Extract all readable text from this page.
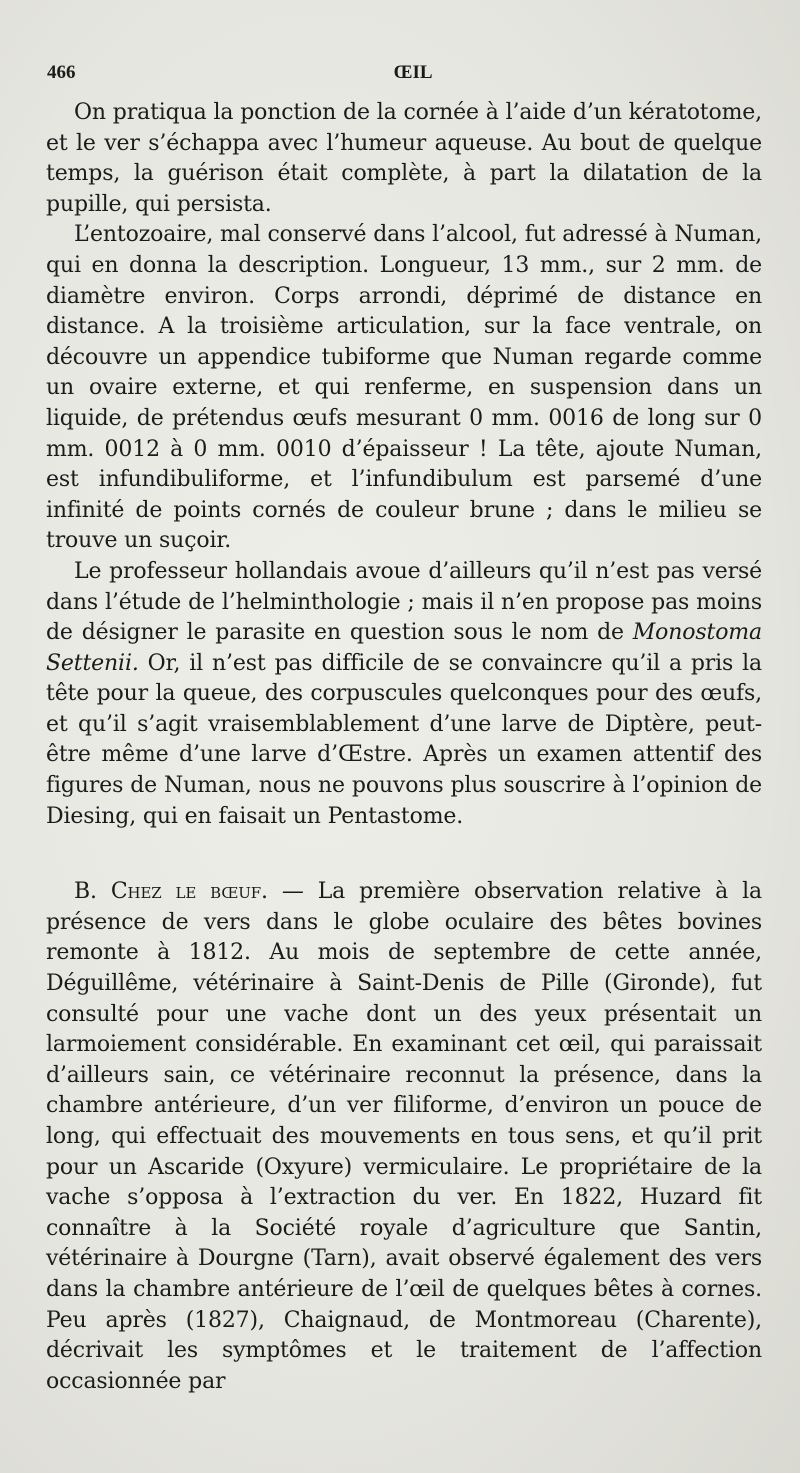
466	ŒIL

On pratiqua la ponction de la cornée à l’aide d’un kératotome, et le ver s’échappa avec l’humeur aqueuse. Au bout de quelque temps, la guérison était complète, à part la dilatation de la pupille, qui persista.

L’entozoaire, mal conservé dans l’alcool, fut adressé à Numan, qui en donna la description. Longueur, 13 mm., sur 2 mm. de diamètre environ. Corps arrondi, déprimé de distance en distance. A la troisième articulation, sur la face ventrale, on découvre un appendice tubiforme que Numan regarde comme un ovaire externe, et qui renferme, en suspension dans un liquide, de prétendus œufs mesurant 0 mm. 0016 de long sur 0 mm. 0012 à 0 mm. 0010 d’épaisseur ! La tête, ajoute Numan, est infundibuliforme, et l’infundibulum est parsemé d’une infinité de points cornés de couleur brune ; dans le milieu se trouve un suçoir.

Le professeur hollandais avoue d’ailleurs qu’il n’est pas versé dans l’étude de l’helminthologie ; mais il n’en propose pas moins de désigner le parasite en question sous le nom de Monostoma Settenii. Or, il n’est pas difficile de se convaincre qu’il a pris la tête pour la queue, des corpuscules quelconques pour des œufs, et qu’il s’agit vraisemblablement d’une larve de Diptère, peut-être même d’une larve d’Œstre. Après un examen attentif des figures de Numan, nous ne pouvons plus souscrire à l’opinion de Diesing, qui en faisait un Pentastome.

B. Chez le bœuf. — La première observation relative à la présence de vers dans le globe oculaire des bêtes bovines remonte à 1812. Au mois de septembre de cette année, Déguillême, vétérinaire à Saint-Denis de Pille (Gironde), fut consulté pour une vache dont un des yeux présentait un larmoiement considérable. En examinant cet œil, qui paraissait d’ailleurs sain, ce vétérinaire reconnut la présence, dans la chambre antérieure, d’un ver filiforme, d’environ un pouce de long, qui effectuait des mouvements en tous sens, et qu’il prit pour un Ascaride (Oxyure) vermiculaire. Le propriétaire de la vache s’opposa à l’extraction du ver. En 1822, Huzard fit connaître à la Société royale d’agriculture que Santin, vétérinaire à Dourgne (Tarn), avait observé également des vers dans la chambre antérieure de l’œil de quelques bêtes à cornes. Peu après (1827), Chaignaud, de Montmoreau (Charente), décrivait les symptômes et le traitement de l’affection occasionnée par
